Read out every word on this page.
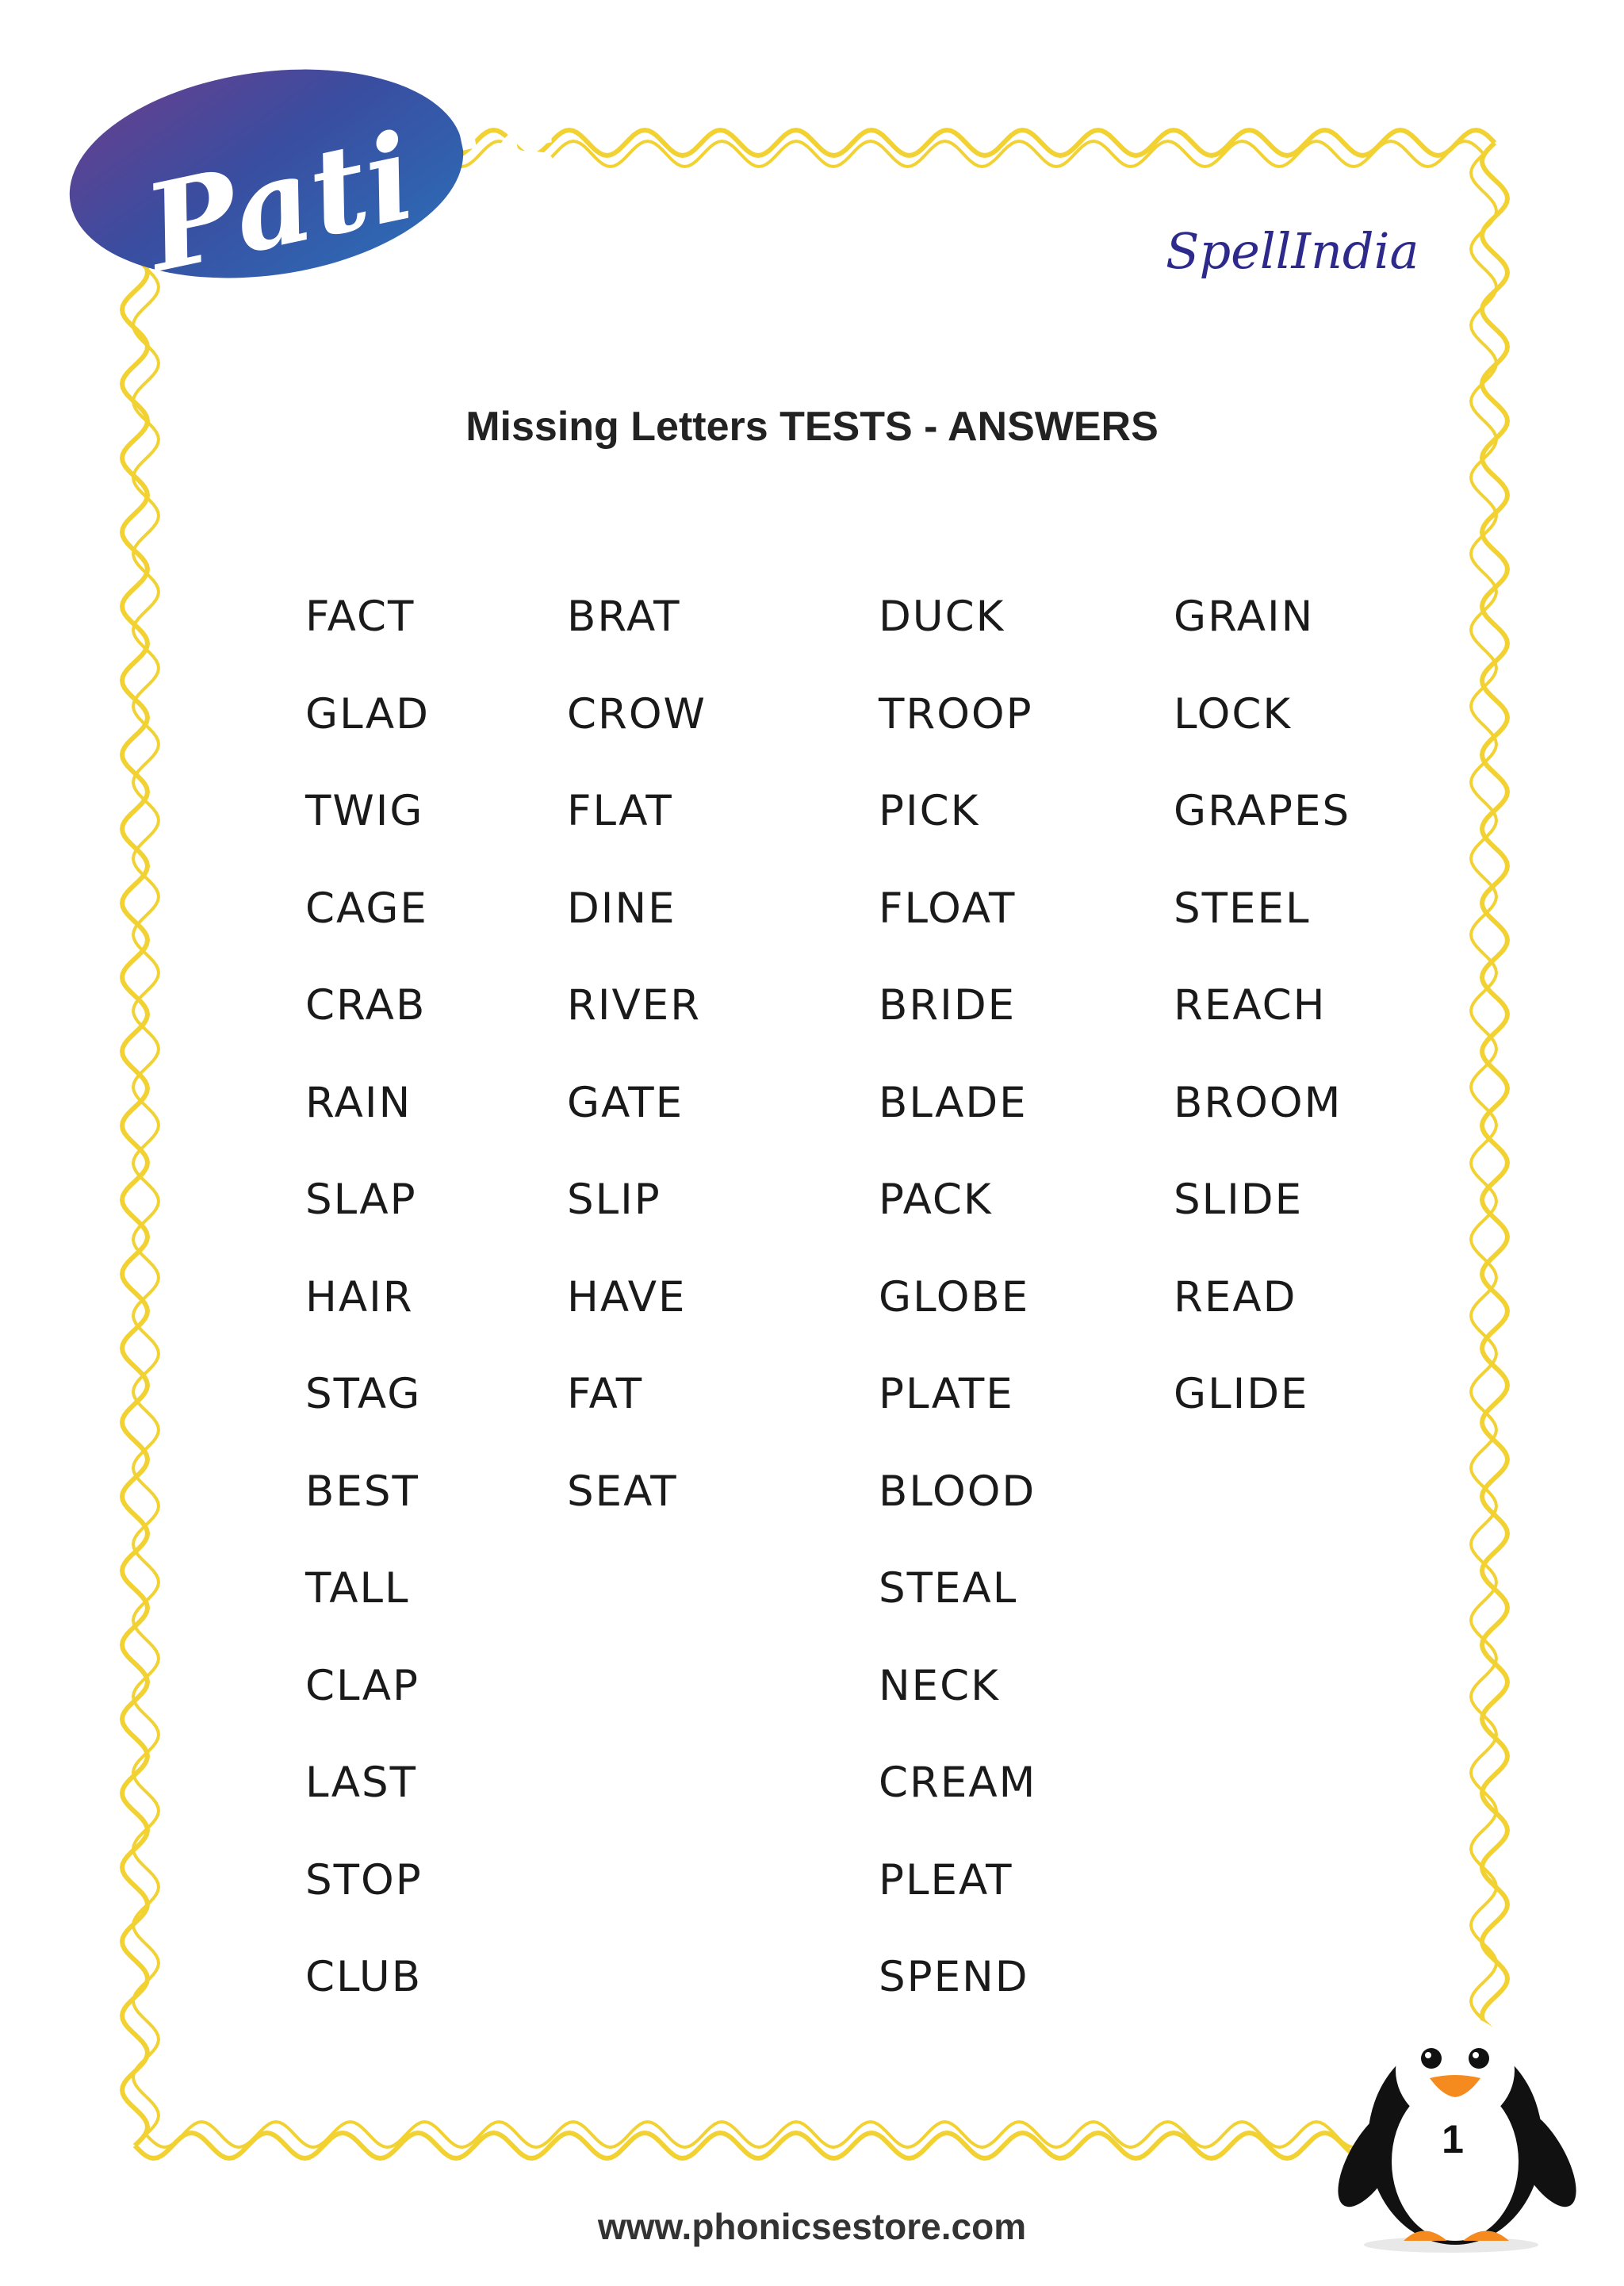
Pati 's	SpellIndia
Missing Letters TESTS - ANSWERS
FACT
GLAD
TWIG
CAGE
CRAB
RAIN
SLAP
HAIR
STAG
BEST
TALL
CLAP
LAST
STOP
CLUB
BRAT
CROW
FLAT
DINE
RIVER
GATE
SLIP
HAVE
FAT
SEAT
DUCK
TROOP
PICK
FLOAT
BRIDE
BLADE
PACK
GLOBE
PLATE
BLOOD
STEAL
NECK
CREAM
PLEAT
SPEND
GRAIN
LOCK
GRAPES
STEEL
REACH
BROOM
SLIDE
READ
GLIDE
1
www.phonicsestore.com
